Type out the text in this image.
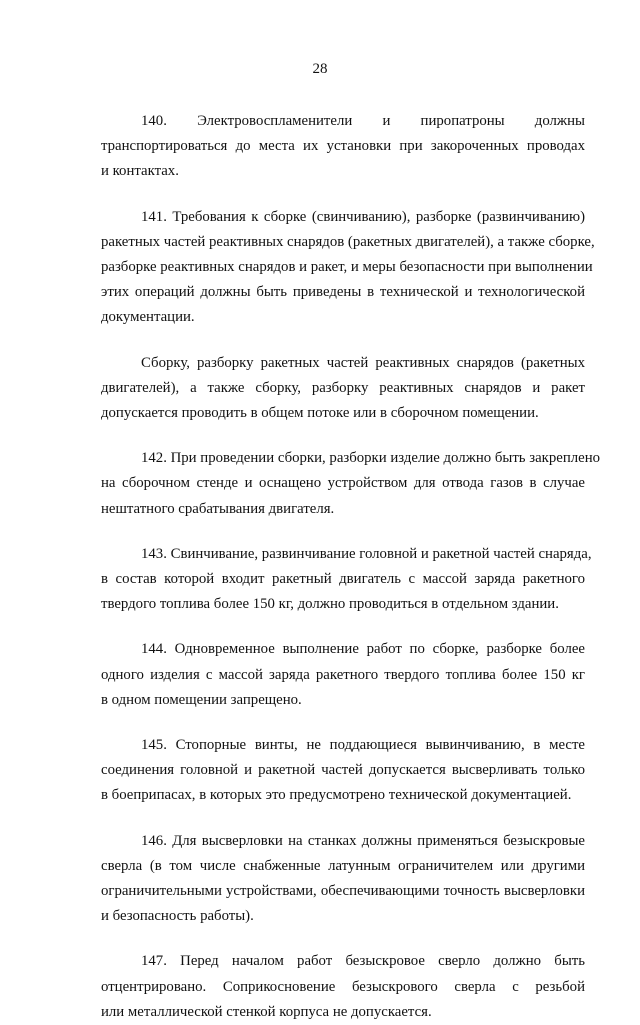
28

140. Электровоспламенители и пиропатроны должны
транспортироваться до места их установки при закороченных проводах
и контактах.

141. Требования к сборке (свинчиванию), разборке (развинчиванию)
ракетных частей реактивных снарядов (ракетных двигателей), а также сборке,
разборке реактивных снарядов и ракет, и меры безопасности при выполнении
этих операций должны быть приведены в технической и технологической
документации.

Сборку, разборку ракетных частей реактивных снарядов (ракетных
двигателей), а также сборку, разборку реактивных снарядов и ракет
допускается проводить в общем потоке или в сборочном помещении.

142. При проведении сборки, разборки изделие должно быть закреплено
на сборочном стенде и оснащено устройством для отвода газов в случае
нештатного срабатывания двигателя.

143. Свинчивание, развинчивание головной и ракетной частей снаряда,
в состав которой входит ракетный двигатель с массой заряда ракетного
твердого топлива более 150 кг, должно проводиться в отдельном здании.

144. Одновременное выполнение работ по сборке, разборке более
одного изделия с массой заряда ракетного твердого топлива более 150 кг
в одном помещении запрещено.

145. Стопорные винты, не поддающиеся вывинчиванию, в месте
соединения головной и ракетной частей допускается высверливать только
в боеприпасах, в которых это предусмотрено технической документацией.

146. Для высверловки на станках должны применяться безыскровые
сверла (в том числе снабженные латунным ограничителем или другими
ограничительными устройствами, обеспечивающими точность высверловки
и безопасность работы).

147. Перед началом работ безыскровое сверло должно быть
отцентрировано. Соприкосновение безыскрового сверла с резьбой
или металлической стенкой корпуса не допускается.
